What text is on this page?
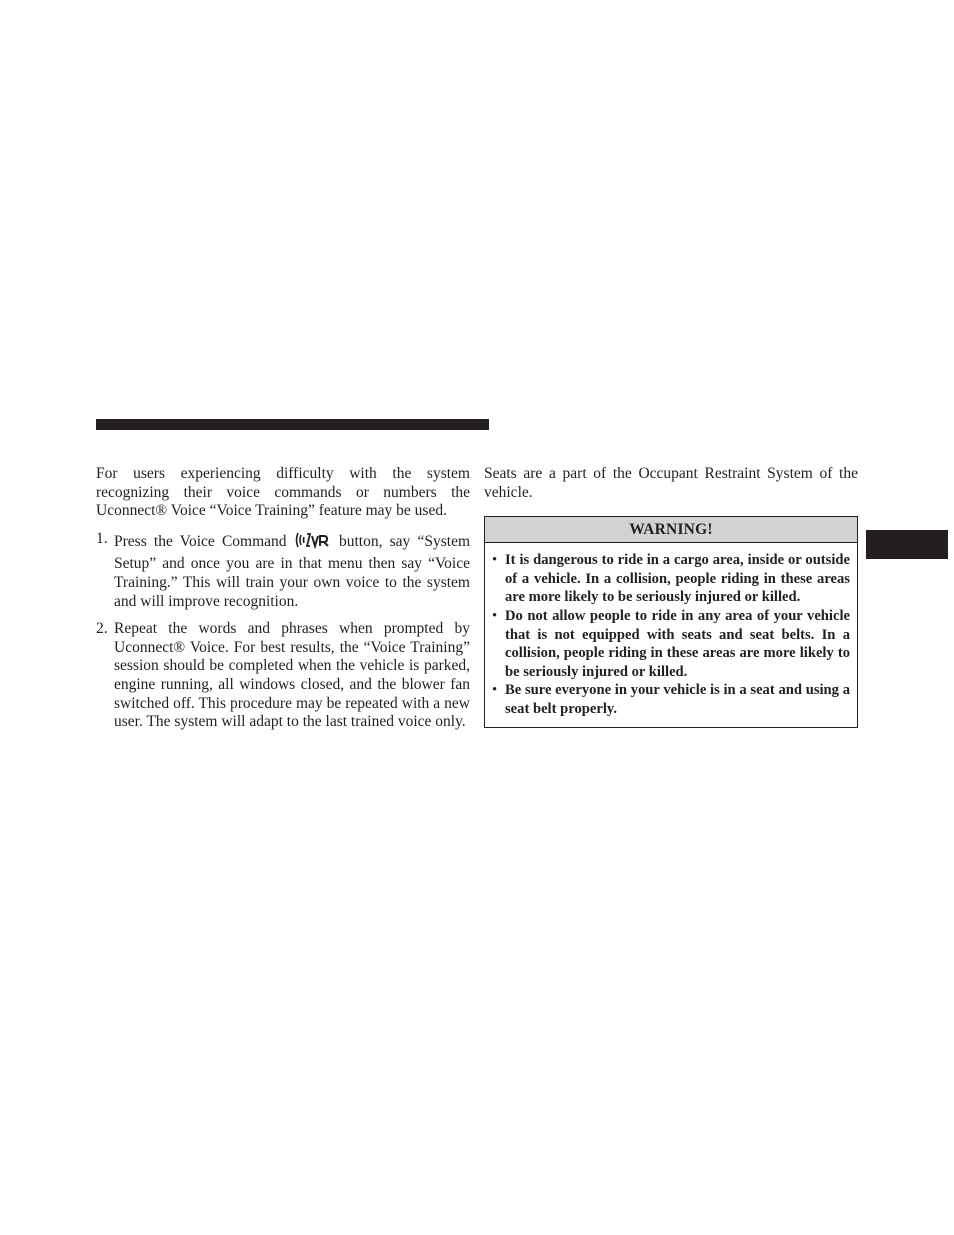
For users experiencing difficulty with the system recognizing their voice commands or numbers the Uconnect® Voice “Voice Training” feature may be used.

1. Press the Voice Command	button, say “System Setup” and once you are in that menu then say “Voice Training.” This will train your own voice to the system and will improve recognition.
2. Repeat the words and phrases when prompted by Uconnect® Voice. For best results, the “Voice Training” session should be completed when the vehicle is parked, engine running, all windows closed, and the blower fan switched off. This procedure may be repeated with a new user. The system will adapt to the last trained voice only.

Seats are a part of the Occupant Restraint System of the vehicle.

WARNING!
• It is dangerous to ride in a cargo area, inside or outside of a vehicle. In a collision, people riding in these areas are more likely to be seriously injured or killed.
• Do not allow people to ride in any area of your vehicle that is not equipped with seats and seat belts. In a collision, people riding in these areas are more likely to be seriously injured or killed.
• Be sure everyone in your vehicle is in a seat and using a seat belt properly.
